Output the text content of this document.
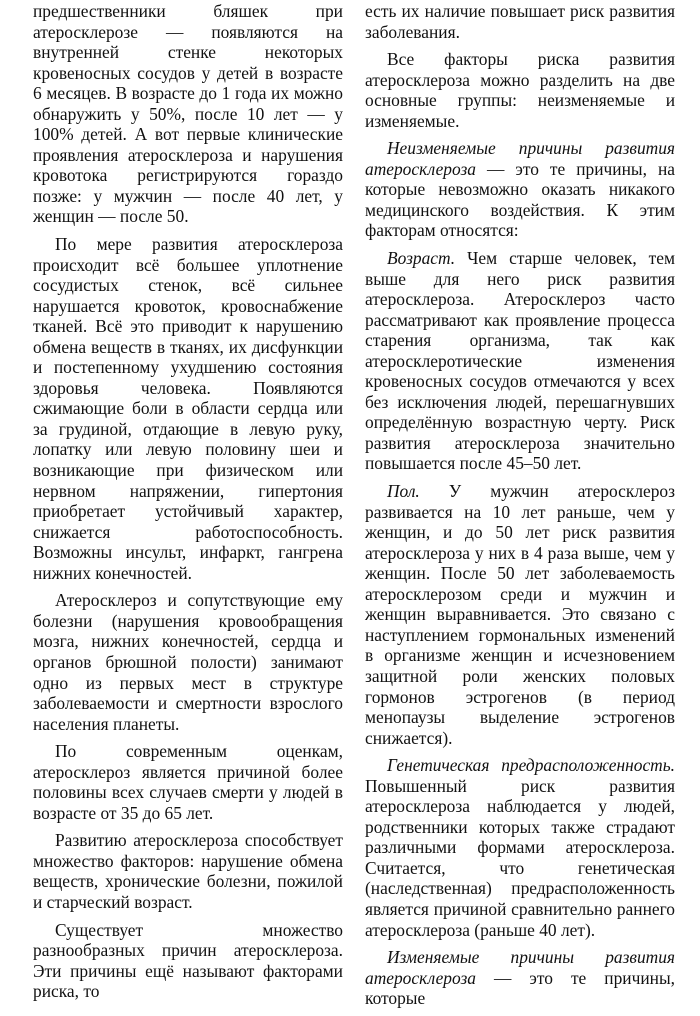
предшественники бляшек при атеросклерозе — появляются на внутренней стенке некоторых кровеносных сосудов у детей в возрасте 6 месяцев. В возрасте до 1 года их можно обнаружить у 50%, после 10 лет — у 100% детей. А вот первые клинические проявления атеросклероза и нарушения кровотока регистрируются гораздо позже: у мужчин — после 40 лет, у женщин — после 50.

По мере развития атеросклероза происходит всё большее уплотнение сосудистых стенок, всё сильнее нарушается кровоток, кровоснабжение тканей. Всё это приводит к нарушению обмена веществ в тканях, их дисфункции и постепенному ухудшению состояния здоровья человека. Появляются сжимающие боли в области сердца или за грудиной, отдающие в левую руку, лопатку или левую половину шеи и возникающие при физическом или нервном напряжении, гипертония приобретает устойчивый характер, снижается работоспособность. Возможны инсульт, инфаркт, гангрена нижних конечностей.

Атеросклероз и сопутствующие ему болезни (нарушения кровообращения мозга, нижних конечностей, сердца и органов брюшной полости) занимают одно из первых мест в структуре заболеваемости и смертности взрослого населения планеты.

По современным оценкам, атеросклероз является причиной более половины всех случаев смерти у людей в возрасте от 35 до 65 лет.

Развитию атеросклероза способствует множество факторов: нарушение обмена веществ, хронические болезни, пожилой и старческий возраст.

Существует множество разнообразных причин атеросклероза. Эти причины ещё называют факторами риска, то

есть их наличие повышает риск развития заболевания.

Все факторы риска развития атеросклероза можно разделить на две основные группы: неизменяемые и изменяемые.

Неизменяемые причины развития атеросклероза — это те причины, на которые невозможно оказать никакого медицинского воздействия. К этим факторам относятся:

Возраст. Чем старше человек, тем выше для него риск развития атеросклероза. Атеросклероз часто рассматривают как проявление процесса старения организма, так как атеросклеротические изменения кровеносных сосудов отмечаются у всех без исключения людей, перешагнувших определённую возрастную черту. Риск развития атеросклероза значительно повышается после 45–50 лет.

Пол. У мужчин атеросклероз развивается на 10 лет раньше, чем у женщин, и до 50 лет риск развития атеросклероза у них в 4 раза выше, чем у женщин. После 50 лет заболеваемость атеросклерозом среди и мужчин и женщин выравнивается. Это связано с наступлением гормональных изменений в организме женщин и исчезновением защитной роли женских половых гормонов эстрогенов (в период менопаузы выделение эстрогенов снижается).

Генетическая предрасположенность. Повышенный риск развития атеросклероза наблюдается у людей, родственники которых также страдают различными формами атеросклероза. Считается, что генетическая (наследственная) предрасположенность является причиной сравнительно раннего атеросклероза (раньше 40 лет).

Изменяемые причины развития атеросклероза — это те причины, которые
